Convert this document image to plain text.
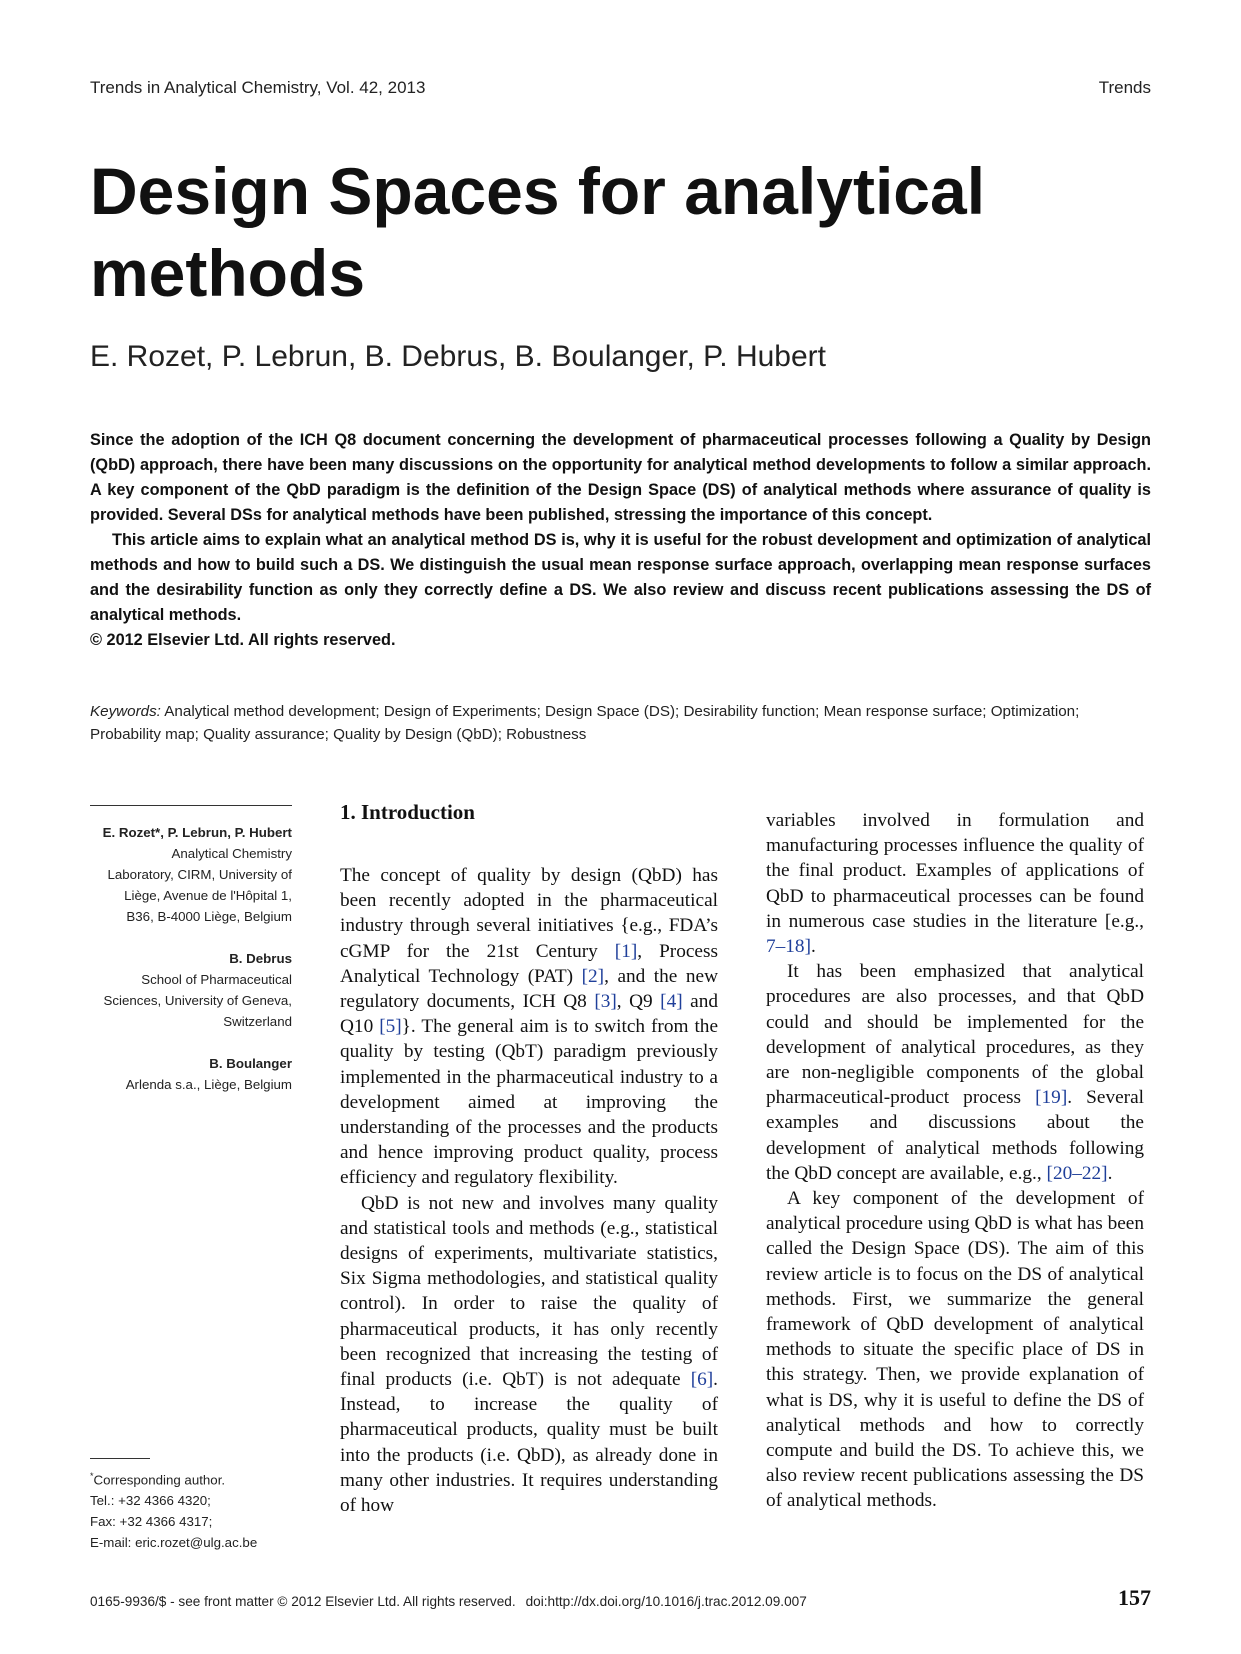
Trends in Analytical Chemistry, Vol. 42, 2013	Trends
Design Spaces for analytical methods
E. Rozet, P. Lebrun, B. Debrus, B. Boulanger, P. Hubert

Since the adoption of the ICH Q8 document concerning the development of pharmaceutical processes following a Quality by Design (QbD) approach, there have been many discussions on the opportunity for analytical method developments to follow a similar approach. A key component of the QbD paradigm is the definition of the Design Space (DS) of analytical methods where assurance of quality is provided. Several DSs for analytical methods have been published, stressing the importance of this concept.

This article aims to explain what an analytical method DS is, why it is useful for the robust development and optimization of analytical methods and how to build such a DS. We distinguish the usual mean response surface approach, overlapping mean response surfaces and the desirability function as only they correctly define a DS. We also review and discuss recent publications assessing the DS of analytical methods.

© 2012 Elsevier Ltd. All rights reserved.

Keywords: Analytical method development; Design of Experiments; Design Space (DS); Desirability function; Mean response surface; Optimization; Probability map; Quality assurance; Quality by Design (QbD); Robustness
E. Rozet*, P. Lebrun, P. Hubert
Analytical Chemistry
Laboratory, CIRM, University of
Liège, Avenue de l'Hôpital 1,
B36, B-4000 Liège, Belgium
B. Debrus
School of Pharmaceutical
Sciences, University of Geneva,
Switzerland
B. Boulanger
Arlenda s.a., Liège, Belgium
*Corresponding author.
Tel.: +32 4366 4320;
Fax: +32 4366 4317;
E-mail: eric.rozet@ulg.ac.be
1. Introduction

The concept of quality by design (QbD) has been recently adopted in the pharmaceutical industry through several initiatives {e.g., FDA’s cGMP for the 21st Century [1], Process Analytical Technology (PAT) [2], and the new regulatory documents, ICH Q8 [3], Q9 [4] and Q10 [5]}. The general aim is to switch from the quality by testing (QbT) paradigm previously implemented in the pharmaceutical industry to a development aimed at improving the understanding of the processes and the products and hence improving product quality, process efficiency and regulatory flexibility.

QbD is not new and involves many quality and statistical tools and methods (e.g., statistical designs of experiments, multivariate statistics, Six Sigma methodologies, and statistical quality control). In order to raise the quality of pharmaceutical products, it has only recently been recognized that increasing the testing of final products (i.e. QbT) is not adequate [6]. Instead, to increase the quality of pharmaceutical products, quality must be built into the products (i.e. QbD), as already done in many other industries. It requires understanding of how

variables involved in formulation and manufacturing processes influence the quality of the final product. Examples of applications of QbD to pharmaceutical processes can be found in numerous case studies in the literature [e.g., 7–18].

It has been emphasized that analytical procedures are also processes, and that QbD could and should be implemented for the development of analytical procedures, as they are non-negligible components of the global pharmaceutical-product process [19]. Several examples and discussions about the development of analytical methods following the QbD concept are available, e.g., [20–22].

A key component of the development of analytical procedure using QbD is what has been called the Design Space (DS). The aim of this review article is to focus on the DS of analytical methods. First, we summarize the general framework of QbD development of analytical methods to situate the specific place of DS in this strategy. Then, we provide explanation of what is DS, why it is useful to define the DS of analytical methods and how to correctly compute and build the DS. To achieve this, we also review recent publications assessing the DS of analytical methods.

0165-9936/$ - see front matter © 2012 Elsevier Ltd. All rights reserved. doi:http://dx.doi.org/10.1016/j.trac.2012.09.007	157
